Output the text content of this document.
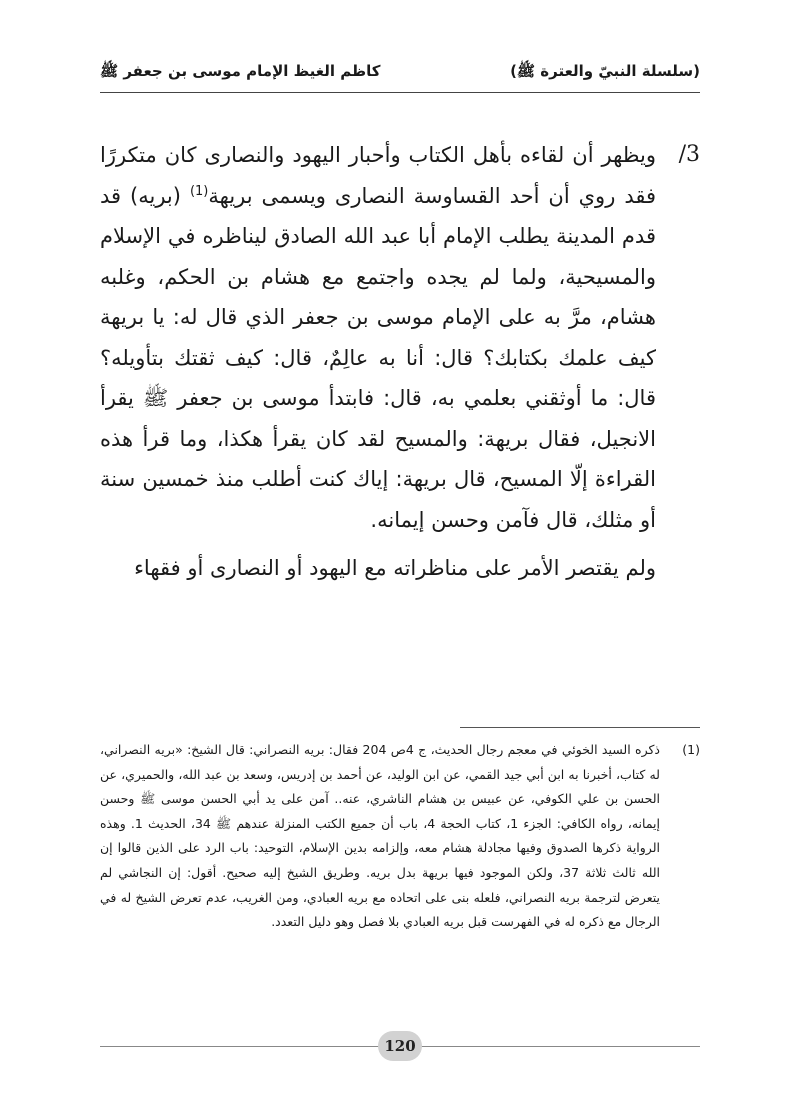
(سلسلة النبيّ والعترة ﷺ)
كاظم الغيظ الإمام موسى بن جعفر ﷺ

3/
ويظهر أن لقاءه بأهل الكتاب وأحبار اليهود والنصارى كان متكررًا فقد روي أن أحد القساوسة النصارى ويسمى بريهة$^{(1)}$ (بريه) قد قدم المدينة يطلب الإمام أبا عبد الله الصادق ليناظره في الإسلام والمسيحية، ولما لم يجده واجتمع مع هشام بن الحكم، وغلبه هشام، مرَّ به على الإمام موسى بن جعفر الذي قال له: يا بريهة كيف علمك بكتابك؟ قال: أنا به عالِمٌ، قال: كيف ثقتك بتأويله؟ قال: ما أوثقني بعلمي به، قال: فابتدأ موسى بن جعفر ﷺ يقرأ الانجيل، فقال بريهة: والمسيح لقد كان يقرأ هكذا، وما قرأ هذه القراءة إلّا المسيح، قال بريهة: إياك كنت أطلب منذ خمسين سنة أو مثلك، قال فآمن وحسن إيمانه.

ولم يقتصر الأمر على مناظراته مع اليهود أو النصارى أو فقهاء

(1)
ذكره السيد الخوئي في معجم رجال الحديث، ج 4ص 204 فقال: بريه النصراني: قال الشيخ: «بريه النصراني، له كتاب، أخبرنا به ابن أبي جيد القمي، عن ابن الوليد، عن أحمد بن إدريس، وسعد بن عبد الله، والحميري، عن الحسن بن علي الكوفي، عن عبيس بن هشام الناشري، عنه.. آمن على يد أبي الحسن موسى ﷺ وحسن إيمانه، رواه الكافي: الجزء 1، كتاب الحجة 4، باب أن جميع الكتب المنزلة عندهم ﷺ 34، الحديث 1. وهذه الرواية ذكرها الصدوق وفيها مجادلة هشام معه، وإلزامه بدين الإسلام، التوحيد: باب الرد على الذين قالوا إن الله ثالث ثلاثة 37، ولكن الموجود فيها بريهة بدل بريه. وطريق الشيخ إليه صحيح. أقول: إن النجاشي لم يتعرض لترجمة بريه النصراني، فلعله بنى على اتحاده مع بريه العبادي، ومن الغريب، عدم تعرض الشيخ له في الرجال مع ذكره له في الفهرست قبل بريه العبادي بلا فصل وهو دليل التعدد.

120
